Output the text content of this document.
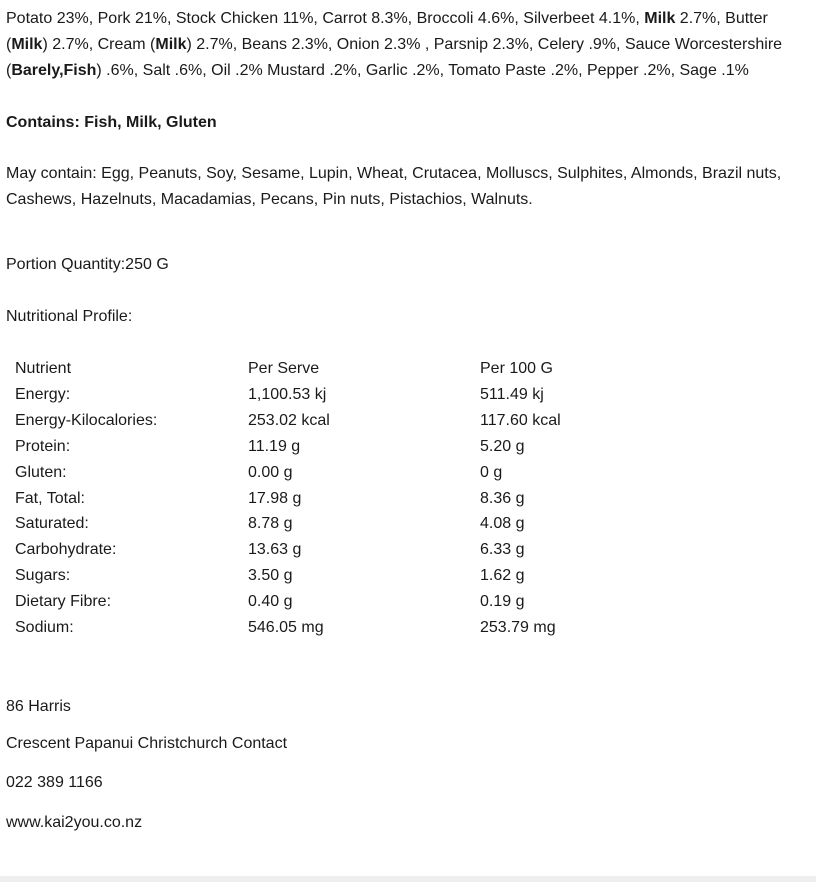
Potato 23%, Pork 21%, Stock Chicken 11%, Carrot 8.3%, Broccoli 4.6%, Silverbeet 4.1%, Milk 2.7%, Butter (Milk) 2.7%, Cream (Milk) 2.7%, Beans 2.3%, Onion 2.3% , Parsnip 2.3%, Celery .9%, Sauce Worcestershire (Barely,Fish) .6%, Salt .6%, Oil .2% Mustard .2%, Garlic .2%, Tomato Paste .2%, Pepper .2%, Sage .1%

Contains: Fish, Milk, Gluten

May contain: Egg, Peanuts, Soy, Sesame, Lupin, Wheat, Crutacea, Molluscs, Sulphites, Almonds, Brazil nuts, Cashews, Hazelnuts, Macadamias, Pecans, Pin nuts, Pistachios, Walnuts.

Portion Quantity:250 G

Nutritional Profile:

Nutrient	Per Serve	Per 100 G
Energy:	1,100.53 kj	511.49 kj
Energy-Kilocalories:	253.02 kcal	117.60 kcal
Protein:	11.19 g	5.20 g
Gluten:	0.00 g	0 g
Fat, Total:	17.98 g	8.36 g
Saturated:	8.78 g	4.08 g
Carbohydrate:	13.63 g	6.33 g
Sugars:	3.50 g	1.62 g
Dietary Fibre:	0.40 g	0.19 g
Sodium:	546.05 mg	253.79 mg

86 Harris

Crescent Papanui Christchurch Contact

022 389 1166

www.kai2you.co.nz
